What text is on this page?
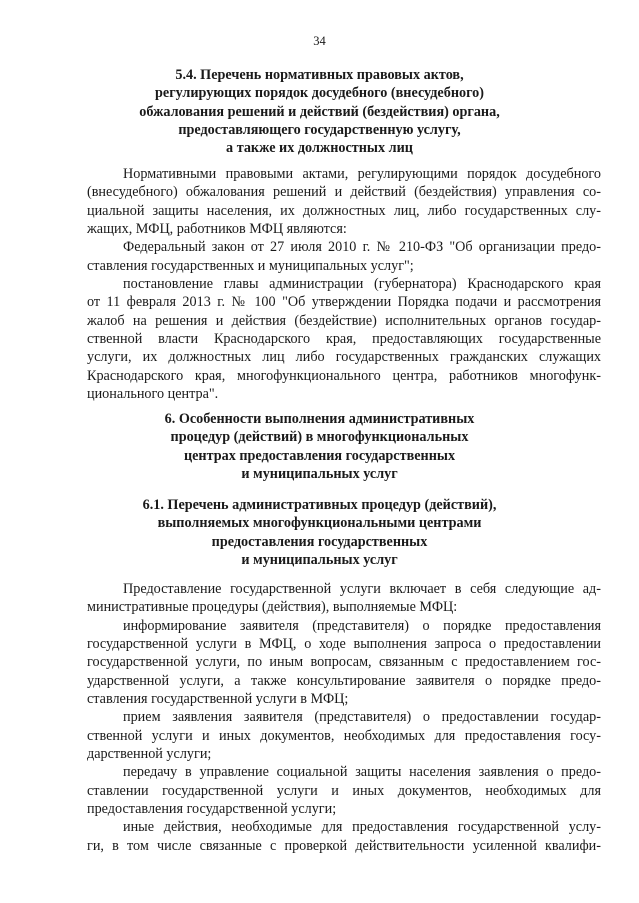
34
5.4. Перечень нормативных правовых актов,
регулирующих порядок досудебного (внесудебного)
обжалования решений и действий (бездействия) органа,
предоставляющего государственную услугу,
а также их должностных лиц
Нормативными правовыми актами, регулирующими порядок досудебного
(внесудебного) обжалования решений и действий (бездействия) управления со-
циальной защиты населения, их должностных лиц, либо государственных слу-
жащих, МФЦ, работников МФЦ являются:
Федеральный закон от 27 июля 2010 г. № 210-ФЗ "Об организации предо-
ставления государственных и муниципальных услуг";
постановление главы администрации (губернатора) Краснодарского края
от 11 февраля 2013 г. № 100 "Об утверждении Порядка подачи и рассмотрения
жалоб на решения и действия (бездействие) исполнительных органов государ-
ственной власти Краснодарского края, предоставляющих государственные
услуги, их должностных лиц либо государственных гражданских служащих
Краснодарского края, многофункционального центра, работников многофунк-
ционального центра".
6. Особенности выполнения административных
процедур (действий) в многофункциональных
центрах предоставления государственных
и муниципальных услуг
6.1. Перечень административных процедур (действий),
выполняемых многофункциональными центрами
предоставления государственных
и муниципальных услуг
Предоставление государственной услуги включает в себя следующие ад-
министративные процедуры (действия), выполняемые МФЦ:
информирование заявителя (представителя) о порядке предоставления
государственной услуги в МФЦ, о ходе выполнения запроса о предоставлении
государственной услуги, по иным вопросам, связанным с предоставлением гос-
ударственной услуги, а также консультирование заявителя о порядке предо-
ставления государственной услуги в МФЦ;
прием заявления заявителя (представителя) о предоставлении государ-
ственной услуги и иных документов, необходимых для предоставления госу-
дарственной услуги;
передачу в управление социальной защиты населения заявления о предо-
ставлении государственной услуги и иных документов, необходимых для
предоставления государственной услуги;
иные действия, необходимые для предоставления государственной услу-
ги, в том числе связанные с проверкой действительности усиленной квалифи-
